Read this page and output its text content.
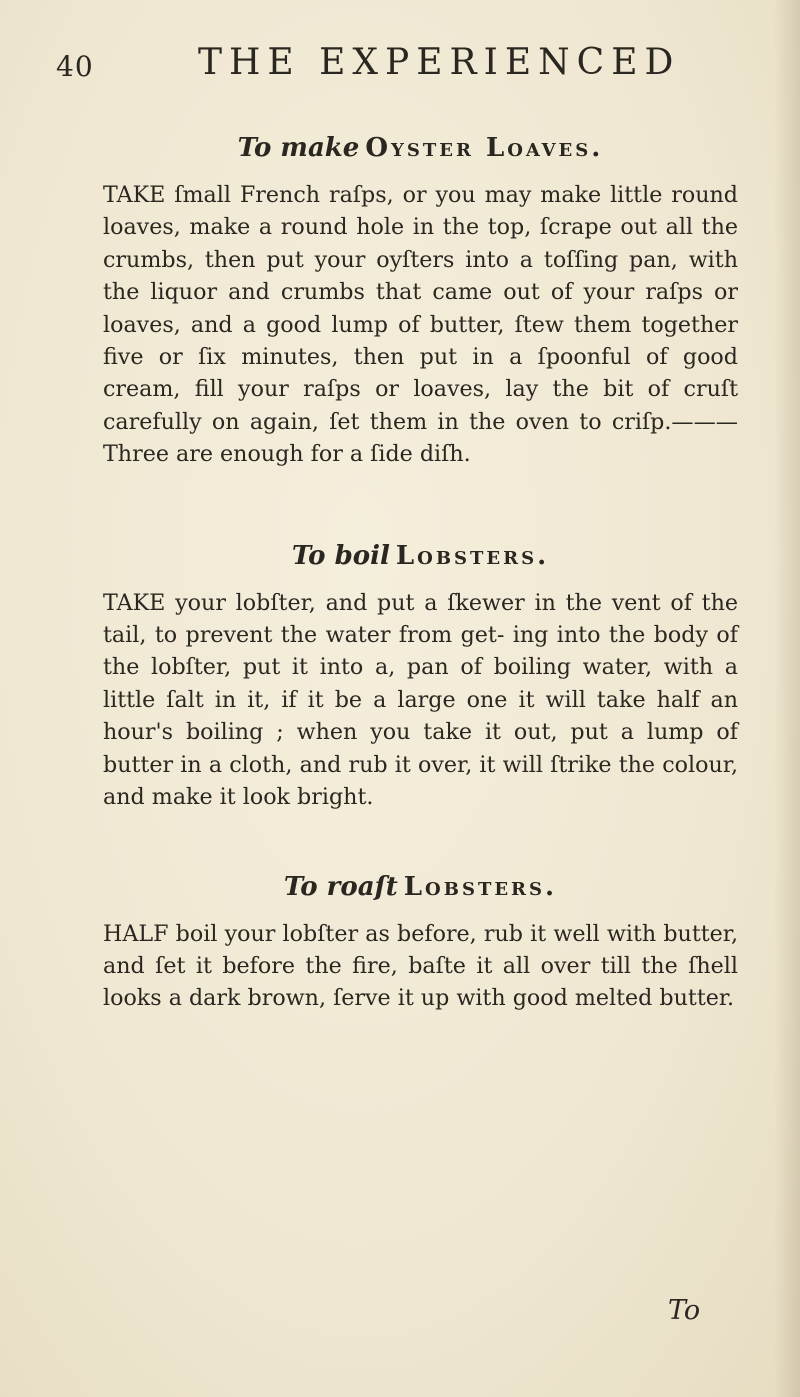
40	THE EXPERIENCED
To make Oyster Loaves.

TAKE ſmall French raſps, or you may make little round loaves, make a round hole in the top, ſcrape out all the crumbs, then put your oyſters into a toſſing pan, with the liquor and crumbs that came out of your raſps or loaves, and a good lump of butter, ſtew them together five or ſix minutes, then put in a ſpoonful of good cream, fill your raſps or loaves, lay the bit of cruſt carefully on again, ſet them in the oven to criſp.———Three are enough for a ſide diſh.

To boil Lobsters.

TAKE your lobſter, and put a ſkewer in the vent of the tail, to prevent the water from get- ing into the body of the lobſter, put it into a, pan of boiling water, with a little ſalt in it, if it be a large one it will take half an hour's boiling ; when you take it out, put a lump of butter in a cloth, and rub it over, it will ſtrike the colour, and make it look bright.

To roaſt Lobsters.

HALF boil your lobſter as before, rub it well with butter, and ſet it before the fire, baſte it all over till the ſhell looks a dark brown, ſerve it up with good melted butter.

To
